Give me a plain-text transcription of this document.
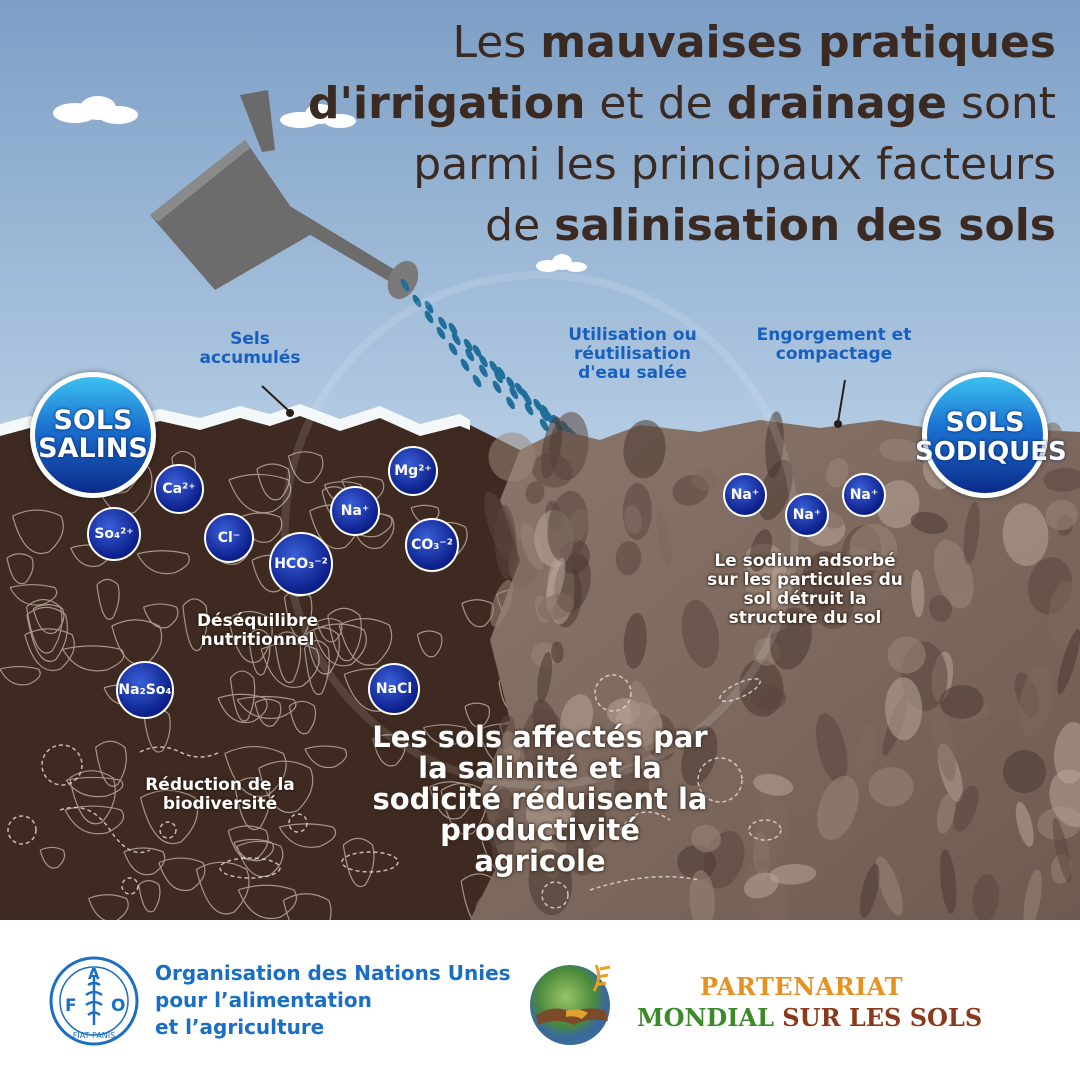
Les mauvaises pratiques
d'irrigation et de drainage sont
parmi les principaux facteurs
de salinisation des sols
Sels accumulés
Utilisation ou réutilisation d'eau salée
Engorgement et compactage
SOLS
SALINS
SOLS
SODIQUES
Mg²⁺
Ca²⁺
Na⁺
So₄²⁺	Cl⁻
HCO₃⁻²
CO₃⁻²
Na₂So₄	NaCl
Na⁺
Na⁺
Na⁺
Le sodium adsorbé sur les particules du sol détruit la structure du sol
Déséquilibre nutritionnel
Réduction de la biodiversité
Les sols affectés par la salinité et la sodicité réduisent la productivité agricole
F
A
O
FIAT PANIS
Organisation des Nations Unies
pour l’alimentation
et l’agriculture
PARTENARIAT
MONDIAL SUR LES SOLS
